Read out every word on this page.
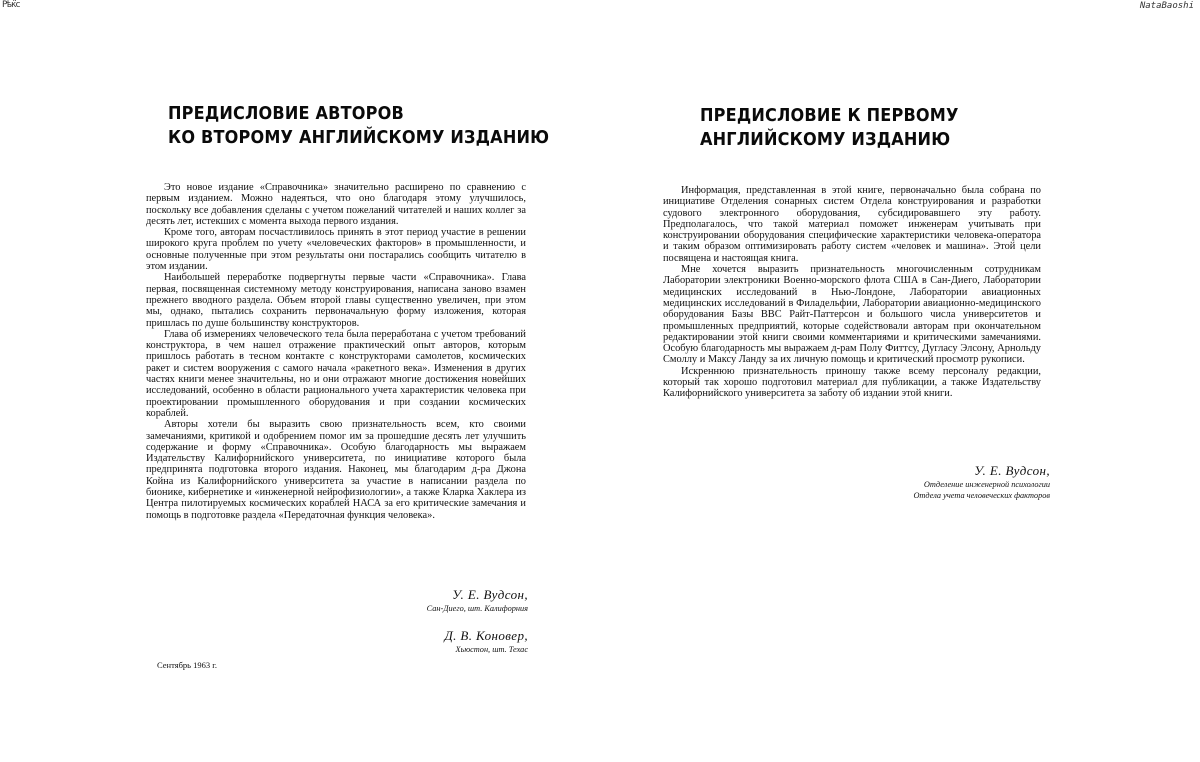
Рѣ̈кс	NataBaoshi
ПРЕДИСЛОВИЕ АВТОРОВ
КО ВТОРОМУ АНГЛИЙСКОМУ ИЗДАНИЮ

Это новое издание «Справочника» значительно расширено по сравнению с первым изданием. Можно надеяться, что оно благодаря этому улучшилось, поскольку все добавления сделаны с учетом пожеланий читателей и наших коллег за десять лет, истекших с момента выхода первого издания.

Кроме того, авторам посчастливилось принять в этот период участие в решении широкого круга проблем по учету «человеческих факторов» в промышленности, и основные полученные при этом результаты они постарались сообщить читателю в этом издании.

Наибольшей переработке подвергнуты первые части «Справочника». Глава первая, посвященная системному методу конструирования, написана заново взамен прежнего вводного раздела. Объем второй главы существенно увеличен, при этом мы, однако, пытались сохранить первоначальную форму изложения, которая пришлась по душе большинству конструкторов.

Глава об измерениях человеческого тела была переработана с учетом требований конструктора, в чем нашел отражение практический опыт авторов, которым пришлось работать в тесном контакте с конструкторами самолетов, космических ракет и систем вооружения с самого начала «ракетного века». Изменения в других частях книги менее значительны, но и они отражают многие достижения новейших исследований, особенно в области рационального учета характеристик человека при проектировании промышленного оборудования и при создании космических кораблей.

Авторы хотели бы выразить свою признательность всем, кто своими замечаниями, критикой и одобрением помог им за прошедшие десять лет улучшить содержание и форму «Справочника». Особую благодарность мы выражаем Издательству Калифорнийского университета, по инициативе которого была предпринята подготовка второго издания. Наконец, мы благодарим д-ра Джона Койна из Калифорнийского университета за участие в написании раздела по бионике, кибернетике и «инженерной нейрофизиологии», а также Кларка Хаклера из Центра пилотируемых космических кораблей НАСА за его критические замечания и помощь в подготовке раздела «Передаточная функция человека».

У. Е. Вудсон,
Сан-Диего, шт. Калифорния
Д. В. Коновер,
Хьюстон, шт. Техас
Сентябрь 1963 г.
ПРЕДИСЛОВИЕ К ПЕРВОМУ
АНГЛИЙСКОМУ ИЗДАНИЮ

Информация, представленная в этой книге, первоначально была собрана по инициативе Отделения сонарных систем Отдела конструирования и разработки судового электронного оборудования, субсидировавшего эту работу. Предполагалось, что такой материал поможет инженерам учитывать при конструировании оборудования специфические характеристики человека-оператора и таким образом оптимизировать работу систем «человек и машина». Этой цели посвящена и настоящая книга.

Мне хочется выразить признательность многочисленным сотрудникам Лаборатории электроники Военно-морского флота США в Сан-Диего, Лаборатории медицинских исследований в Нью-Лондоне, Лаборатории авиационных медицинских исследований в Филадельфии, Лаборатории авиационно-медицинского оборудования Базы ВВС Райт-Паттерсон и большого числа университетов и промышленных предприятий, которые содействовали авторам при окончательном редактировании этой книги своими комментариями и критическими замечаниями. Особую благодарность мы выражаем д-рам Полу Фиттсу, Дугласу Элсону, Арнольду Смоллу и Максу Ланду за их личную помощь и критический просмотр рукописи.

Искреннюю признательность приношу также всему персоналу редакции, который так хорошо подготовил материал для публикации, а также Издательству Калифорнийского университета за заботу об издании этой книги.

У. Е. Вудсон,
Отделение инженерной психологии
Отдела учета человеческих факторов
